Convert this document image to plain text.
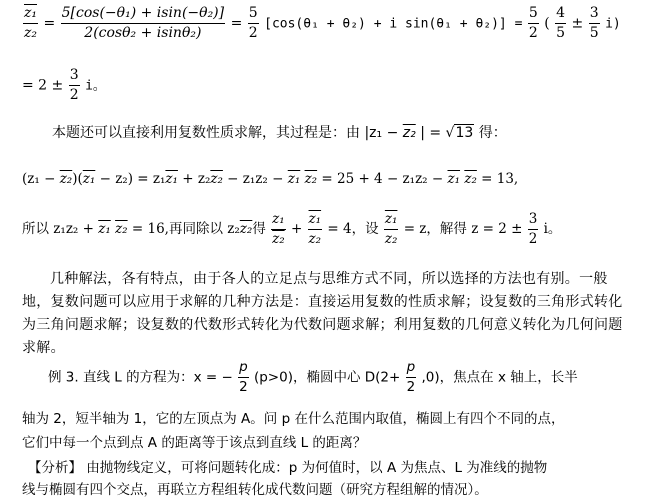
$\frac{\text{z₁}}{\text{z₂}} = \frac{\text{5[cos(−θ₁) + isin(−θ₂)]}}{\text{2(cosθ₂ + isinθ₂)}} = \frac{5}{2} [\cos(\theta_1 + \theta_2) + i$ $\sin(\theta_1 + \theta_2)] = \frac{5}{2}$ ( $\frac{4}{5} \pm \frac{3}{5} i$)
= $2 \pm \frac{3}{2}$ i。
本题还可以直接利用复数性质求解，其过程是：由 |z₁ − z₂ | = √13 得：
(z₁ − z₂)(z₁ − z₂) = z₁z₁ + z₂z₂ − z₁z₂ − z₁ z₂ = 25 + 4 − z₁z₂ − z₁ z₂ = 13,
所以 z₁z₂ + z₁ z₂ = 16,再同除以 z₂z₂得 $\frac{\text{z₁}}{\text{z₂}} + \frac{\text{z₁}}{\text{z₂}} = 4$，设 $\frac{\text{z₁}}{\text{z₂}} = z$，解得 $z = 2 \pm \frac{3}{2}$ i。
几种解法，各有特点，由于各人的立足点与思维方式不同，所以选择的方法也有别。一般地，复数问题可以应用于求解的几种方法是：直接运用复数的性质求解；设复数的三角形式转化为三角问题求解；设复数的代数形式转化为代数问题求解；利用复数的几何意义转化为几何问题求解。
例 3. 直线 L 的方程为：x = − $\frac{p}{2} (p>0)$，椭圆中心 $D(2+ \frac{p}{2} ,0)$，焦点在 x 轴上，长半
轴为 2，短半轴为 1，它的左顶点为 A。问 p 在什么范围内取值，椭圆上有四个不同的点，
它们中每一个点到点 A 的距离等于该点到直线 L 的距离？
【分析】 由抛物线定义，可将问题转化成：p 为何值时，以 A 为焦点、L 为准线的抛物
线与椭圆有四个交点，再联立方程组转化成代数问题（研究方程组解的情况）。
